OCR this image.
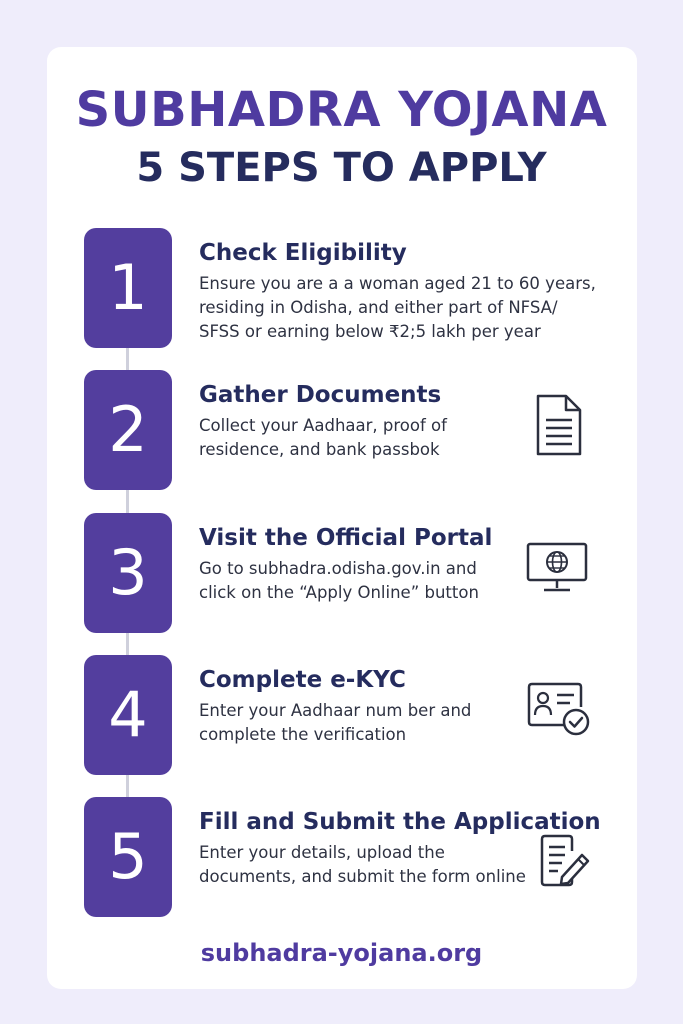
SUBHADRA YOJANA
5 STEPS TO APPLY
1	Check Eligibility
Ensure you are a a woman aged 21 to 60 years,
residing in Odisha, and either part of NFSA/
SFSS or earning below ₹2;5 lakh per year
2	Gather Documents
Collect your Aadhaar, proof of
residence, and bank passbok
3	Visit the Official Portal
Go to subhadra.odisha.gov.in and
click on the “Apply Online” button
4	Complete e-KYC
Enter your Aadhaar num ber and
complete the verification
5	Fill and Submit the Application
Enter your details, upload the
documents, and submit the form online
subhadra-yojana.org
